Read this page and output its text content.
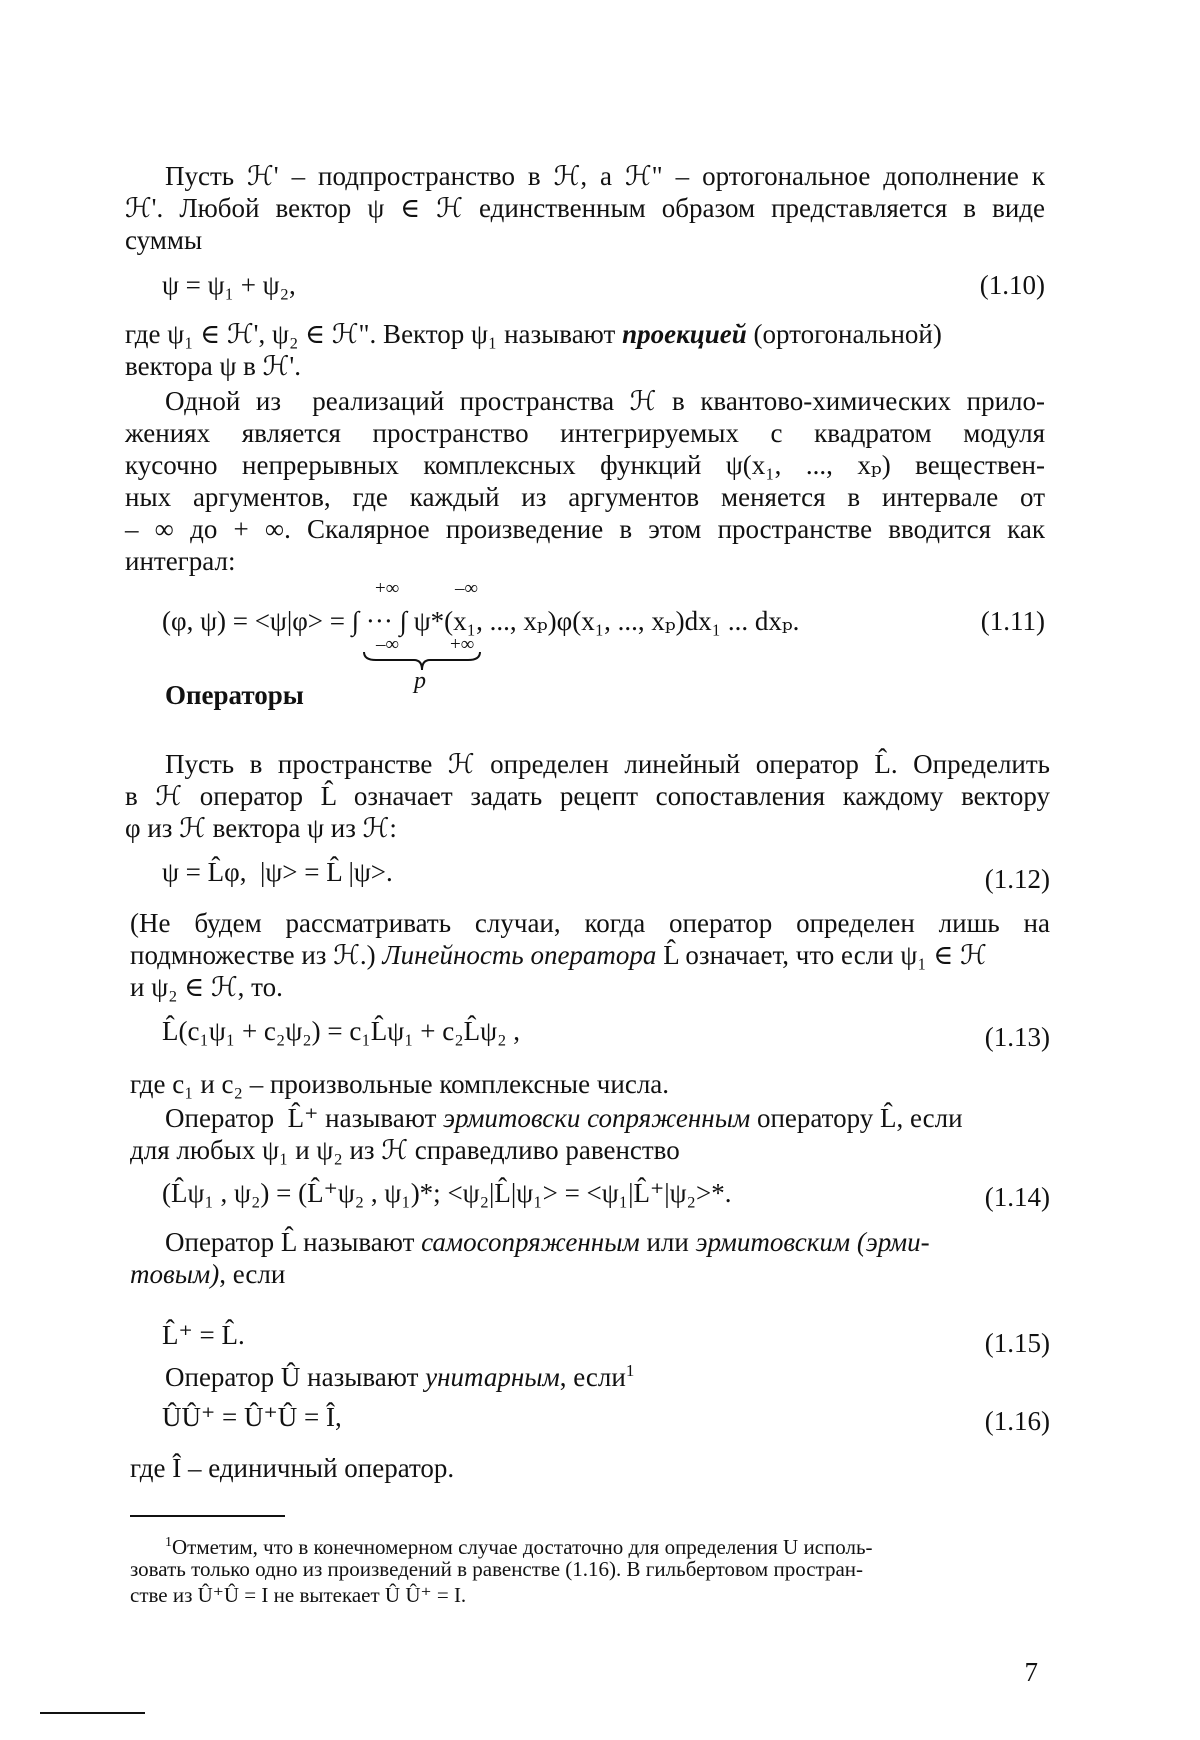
Пусть ℋ' – подпространство в ℋ, а ℋ" – ортогональное дополнение к
ℋ'. Любой вектор ψ ∈ ℋ единственным образом представляется в виде
суммы
ψ = ψ₁ + ψ₂,	(1.10)
где ψ₁ ∈ ℋ', ψ₂ ∈ ℋ". Вектор ψ₁ называют проекцией (ортогональной)
вектора ψ в ℋ'.
Одной из  реализаций пространства ℋ в квантово-химических прило-
жениях является пространство интегрируемых с квадратом модуля
кусочно непрерывных комплексных функций ψ(x₁, ..., xₚ) веществен-
ных аргументов, где каждый из аргументов меняется в интервале от
– ∞ до + ∞. Скалярное произведение в этом пространстве вводится как
интеграл:
+∞	–∞
(φ, ψ) = <ψ|φ> = ∫ ··· ∫ ψ*(x₁, ..., xₚ)φ(x₁, ..., xₚ)dx₁ ... dxₚ.	(1.11)
–∞	+∞
p
Операторы
Пусть в пространстве ℋ определен линейный оператор L̂. Определить
в ℋ оператор L̂ означает задать рецепт сопоставления каждому вектору
φ из ℋ вектора ψ из ℋ:
ψ = L̂φ,  |ψ> = L̂ |ψ>.	(1.12)
(Не будем рассматривать случаи, когда оператор определен лишь на
подмножестве из ℋ.) Линейность оператора L̂ означает, что если ψ₁ ∈ ℋ
и ψ₂ ∈ ℋ, то.
L̂(c₁ψ₁ + c₂ψ₂) = c₁L̂ψ₁ + c₂L̂ψ₂ ,	(1.13)
где c₁ и c₂ – произвольные комплексные числа.
Оператор  L̂⁺ называют эрмитовски сопряженным оператору L̂, если
для любых ψ₁ и ψ₂ из ℋ справедливо равенство
(L̂ψ₁ , ψ₂) = (L̂⁺ψ₂ , ψ₁)*; <ψ₂|L̂|ψ₁> = <ψ₁|L̂⁺|ψ₂>*.	(1.14)
Оператор L̂ называют самосопряженным или эрмитовским (эрми-
товым), если
L̂⁺ = L̂.	(1.15)
Оператор Û называют унитарным, если$^1$
ÛÛ⁺ = Û⁺Û = Î,	(1.16)
где Î – единичный оператор.
$^1$Отметим, что в конечномерном случае достаточно для определения U исполь-
зовать только одно из произведений в равенстве (1.16). В гильбертовом простран-
стве из Û⁺Û = I не вытекает Û Û⁺ = I.
7
